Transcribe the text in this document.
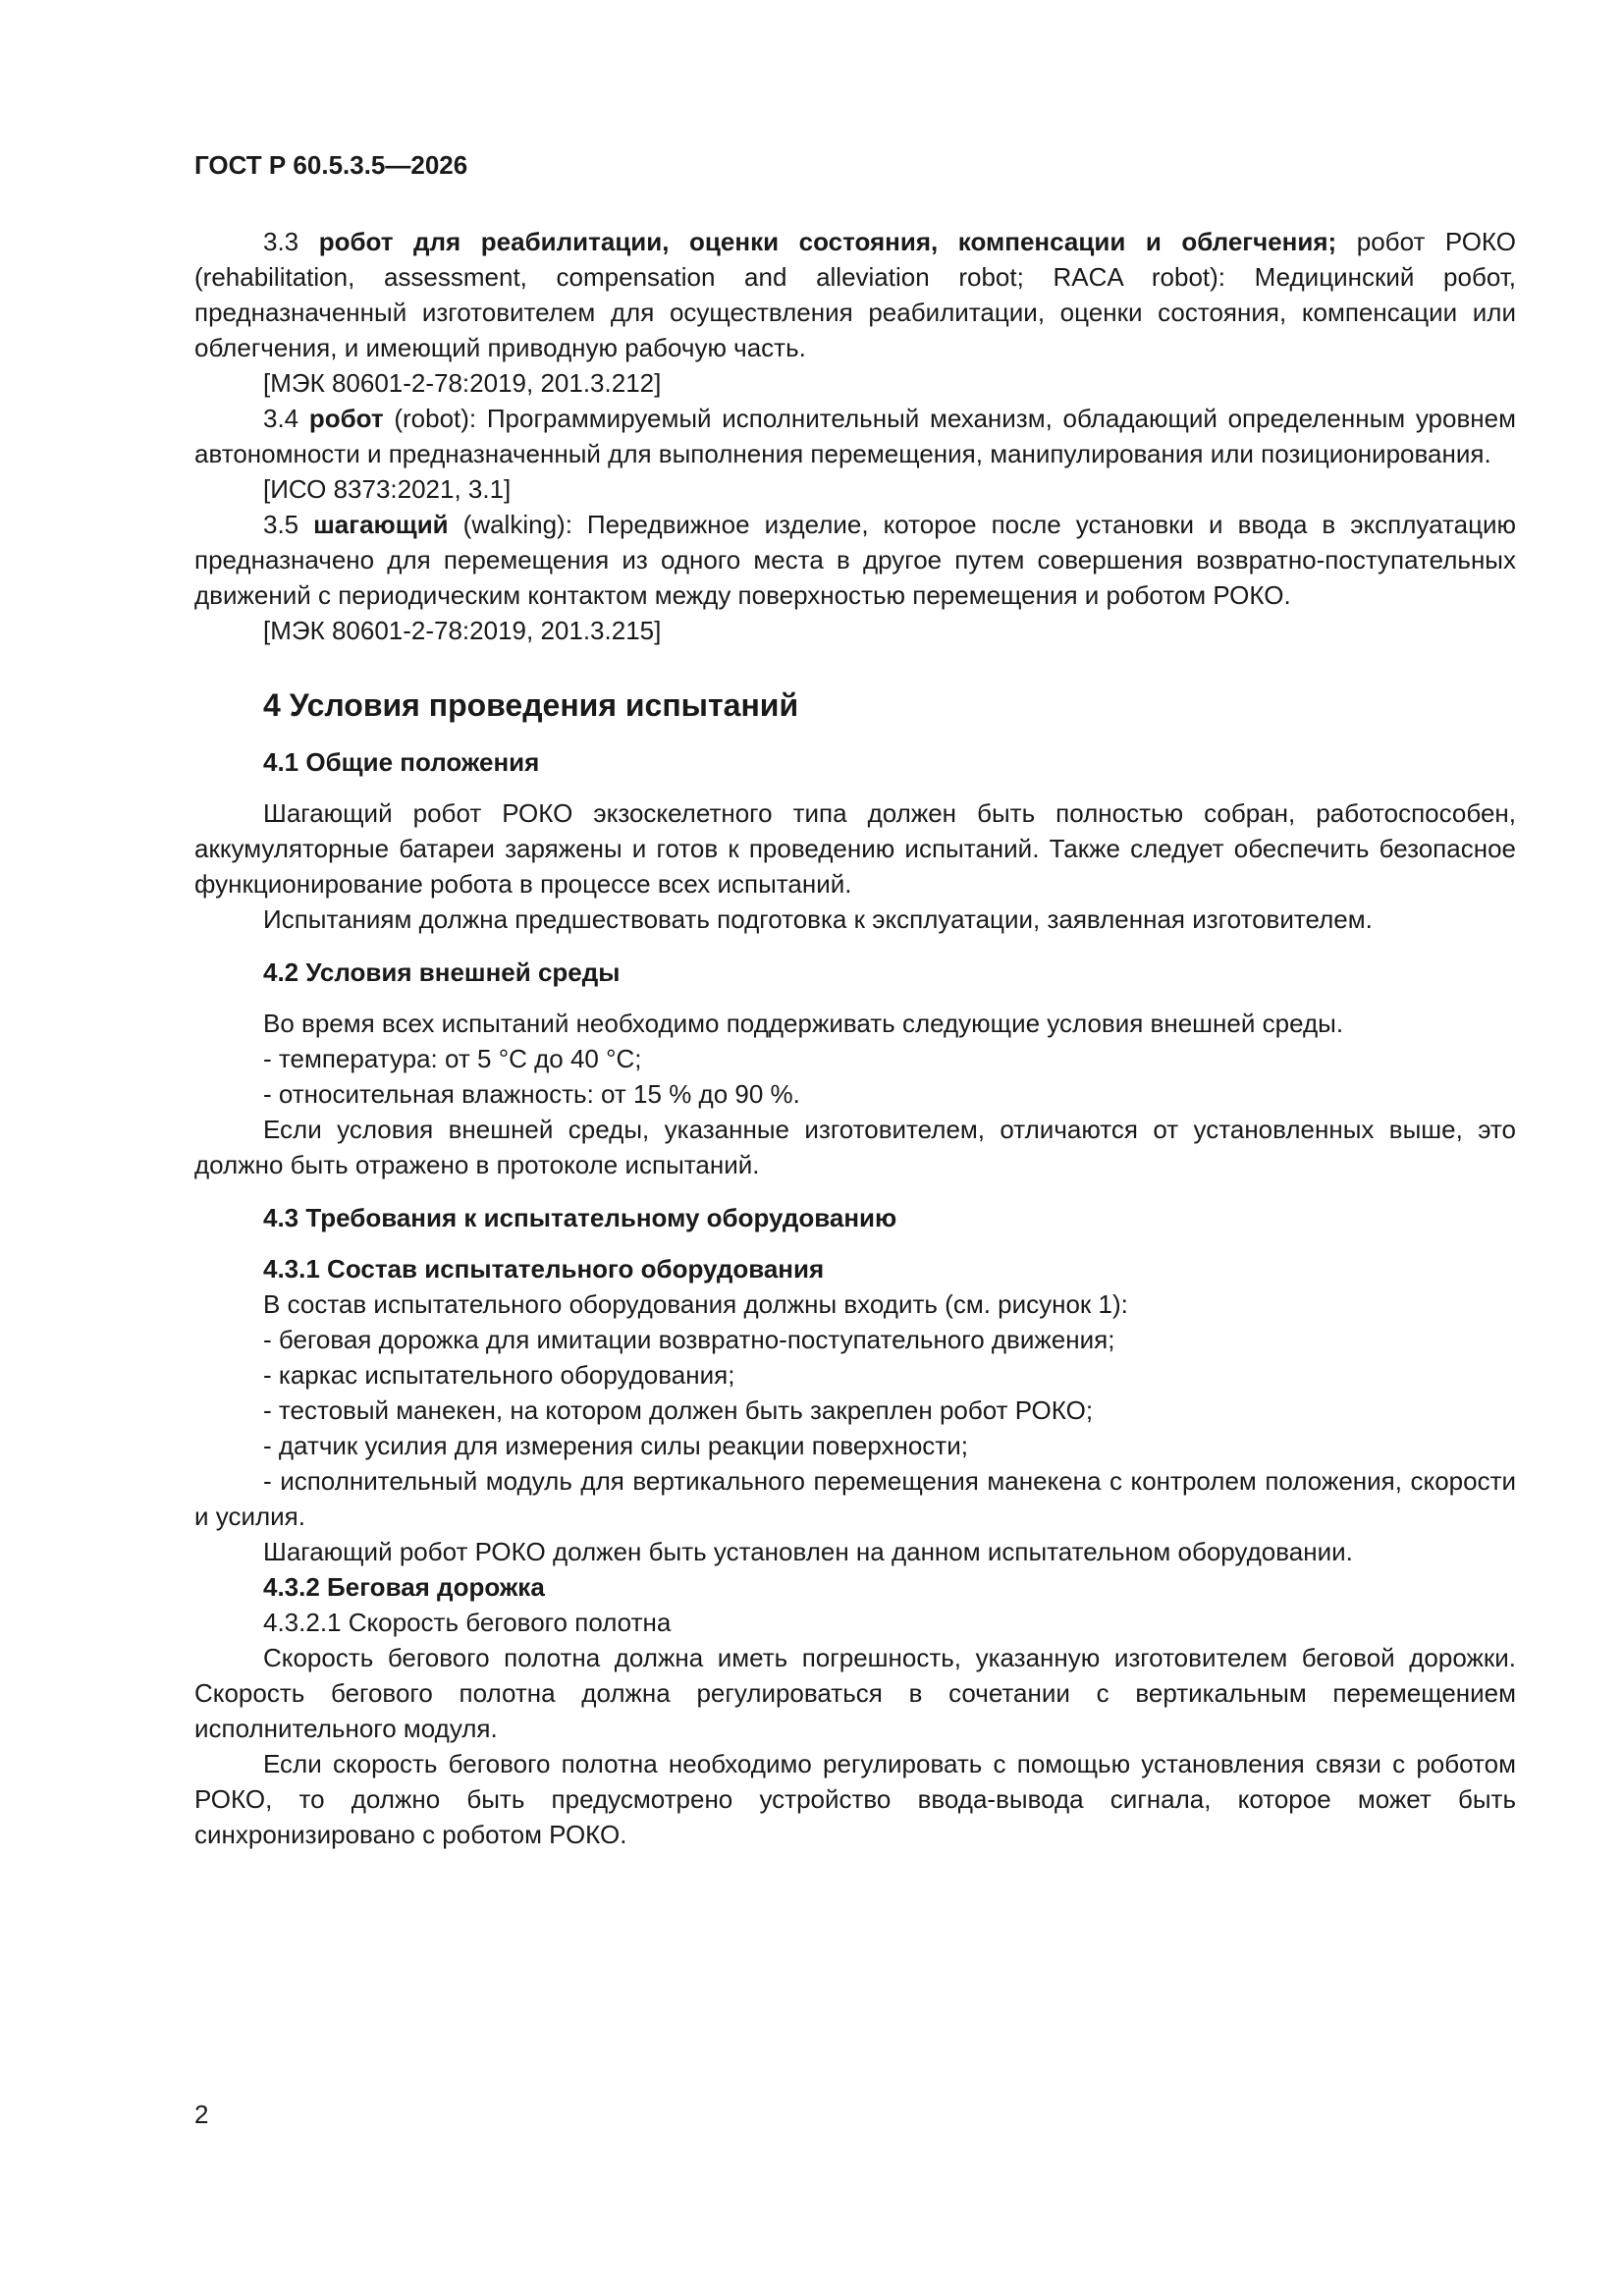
ГОСТ Р 60.5.3.5—2026

3.3 робот для реабилитации, оценки состояния, компенсации и облегчения; робот РОКО (rehabilitation, assessment, compensation and alleviation robot; RACA robot): Медицинский робот, предназначенный изготовителем для осуществления реабилитации, оценки состояния, компенсации или облегчения, и имеющий приводную рабочую часть.

[МЭК 80601-2-78:2019, 201.3.212]

3.4 робот (robot): Программируемый исполнительный механизм, обладающий определенным уровнем автономности и предназначенный для выполнения перемещения, манипулирования или позиционирования.

[ИСО 8373:2021, 3.1]

3.5 шагающий (walking): Передвижное изделие, которое после установки и ввода в эксплуатацию предназначено для перемещения из одного места в другое путем совершения возвратно-поступательных движений с периодическим контактом между поверхностью перемещения и роботом РОКО.

[МЭК 80601-2-78:2019, 201.3.215]

4 Условия проведения испытаний
4.1 Общие положения

Шагающий робот РОКО экзоскелетного типа должен быть полностью собран, работоспособен, аккумуляторные батареи заряжены и готов к проведению испытаний. Также следует обеспечить безопасное функционирование робота в процессе всех испытаний.

Испытаниям должна предшествовать подготовка к эксплуатации, заявленная изготовителем.

4.2 Условия внешней среды

Во время всех испытаний необходимо поддерживать следующие условия внешней среды.

- температура: от 5 °С до 40 °С;

- относительная влажность: от 15 % до 90 %.

Если условия внешней среды, указанные изготовителем, отличаются от установленных выше, это должно быть отражено в протоколе испытаний.

4.3 Требования к испытательному оборудованию
4.3.1 Состав испытательного оборудования

В состав испытательного оборудования должны входить (см. рисунок 1):

- беговая дорожка для имитации возвратно-поступательного движения;

- каркас испытательного оборудования;

- тестовый манекен, на котором должен быть закреплен робот РОКО;

- датчик усилия для измерения силы реакции поверхности;

- исполнительный модуль для вертикального перемещения манекена с контролем положения, скорости и усилия.

Шагающий робот РОКО должен быть установлен на данном испытательном оборудовании.

4.3.2 Беговая дорожка

4.3.2.1 Скорость бегового полотна

Скорость бегового полотна должна иметь погрешность, указанную изготовителем беговой дорожки. Скорость бегового полотна должна регулироваться в сочетании с вертикальным перемещением исполнительного модуля.

Если скорость бегового полотна необходимо регулировать с помощью установления связи с роботом РОКО, то должно быть предусмотрено устройство ввода-вывода сигнала, которое может быть синхронизировано с роботом РОКО.

2
